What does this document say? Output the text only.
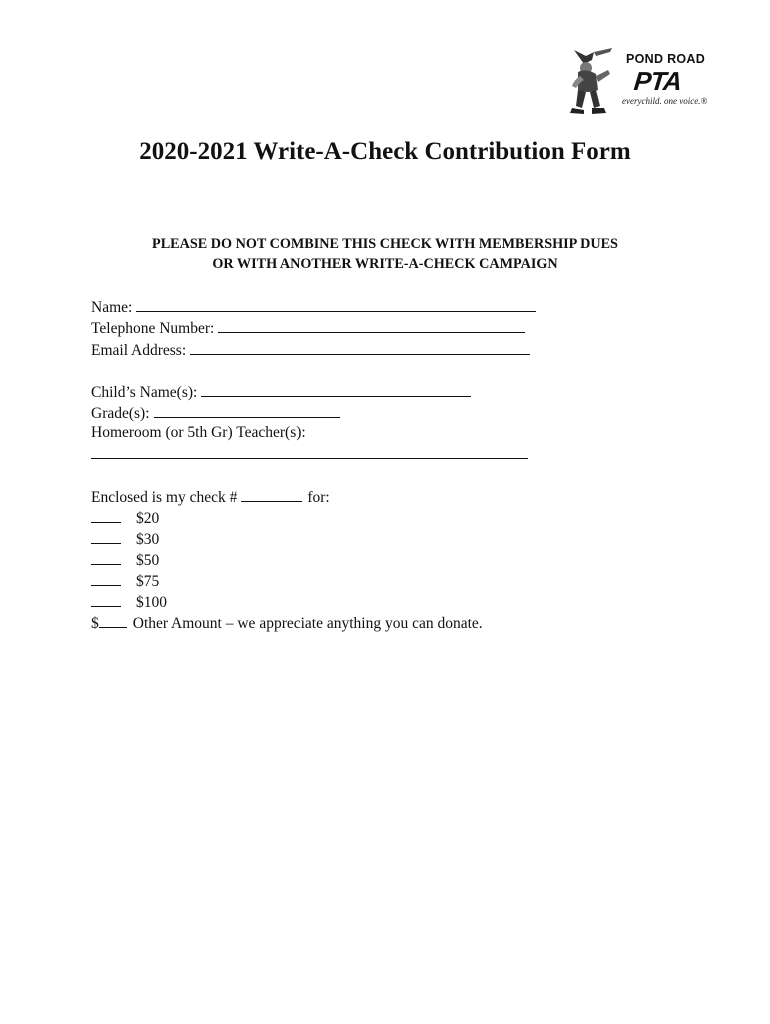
POND ROAD
PTA
everychild. one voice.®
2020-2021 Write-A-Check Contribution Form
PLEASE DO NOT COMBINE THIS CHECK WITH MEMBERSHIP DUES
OR WITH ANOTHER WRITE-A-CHECK CAMPAIGN
Name:
Telephone Number:
Email Address:
Child’s Name(s):
Grade(s):
Homeroom (or 5th Gr) Teacher(s):
Enclosed is my check #	for:
$20
$30
$50
$75
$100
$ Other Amount – we appreciate anything you can donate.
